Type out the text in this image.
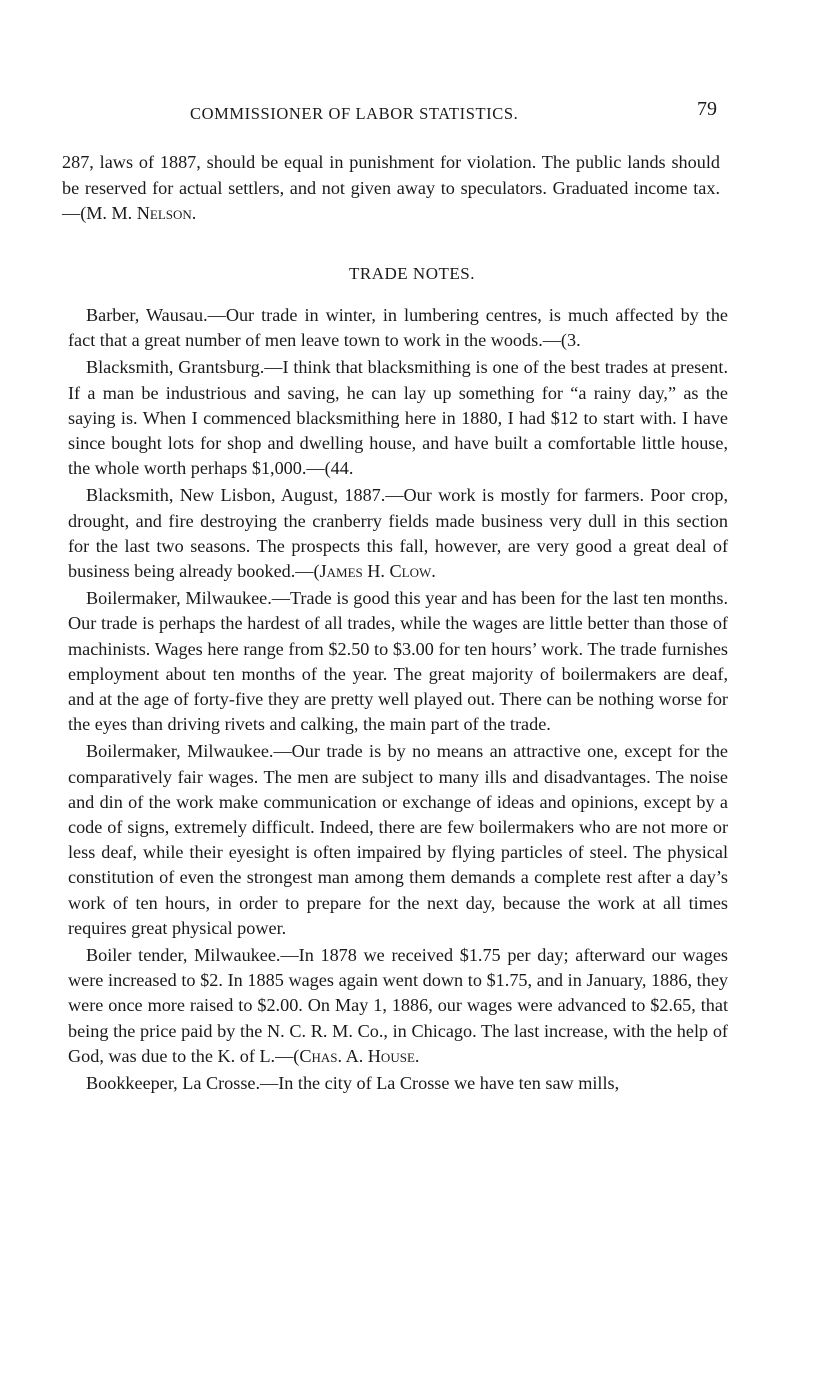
COMMISSIONER OF LABOR STATISTICS.	79

287, laws of 1887, should be equal in punishment for violation. The public lands should be reserved for actual settlers, and not given away to speculators. Graduated income tax.—(M. M. Nelson.

TRADE NOTES.

Barber, Wausau.—Our trade in winter, in lumbering centres, is much affected by the fact that a great number of men leave town to work in the woods.—(3.

Blacksmith, Grantsburg.—I think that blacksmithing is one of the best trades at present. If a man be industrious and saving, he can lay up something for “a rainy day,” as the saying is. When I commenced blacksmithing here in 1880, I had $12 to start with. I have since bought lots for shop and dwelling house, and have built a comfortable little house, the whole worth perhaps $1,000.—(44.

Blacksmith, New Lisbon, August, 1887.—Our work is mostly for farmers. Poor crop, drought, and fire destroying the cranberry fields made business very dull in this section for the last two seasons. The prospects this fall, however, are very good a great deal of business being already booked.—(James H. Clow.

Boilermaker, Milwaukee.—Trade is good this year and has been for the last ten months. Our trade is perhaps the hardest of all trades, while the wages are little better than those of machinists. Wages here range from $2.50 to $3.00 for ten hours’ work. The trade furnishes employment about ten months of the year. The great majority of boilermakers are deaf, and at the age of forty-five they are pretty well played out. There can be nothing worse for the eyes than driving rivets and calking, the main part of the trade.

Boilermaker, Milwaukee.—Our trade is by no means an attractive one, except for the comparatively fair wages. The men are subject to many ills and disadvantages. The noise and din of the work make communication or exchange of ideas and opinions, except by a code of signs, extremely difficult. Indeed, there are few boilermakers who are not more or less deaf, while their eyesight is often impaired by flying particles of steel. The physical constitution of even the strongest man among them demands a complete rest after a day’s work of ten hours, in order to prepare for the next day, because the work at all times requires great physical power.

Boiler tender, Milwaukee.—In 1878 we received $1.75 per day; afterward our wages were increased to $2. In 1885 wages again went down to $1.75, and in January, 1886, they were once more raised to $2.00. On May 1, 1886, our wages were advanced to $2.65, that being the price paid by the N. C. R. M. Co., in Chicago. The last increase, with the help of God, was due to the K. of L.—(Chas. A. House.

Bookkeeper, La Crosse.—In the city of La Crosse we have ten saw mills,
